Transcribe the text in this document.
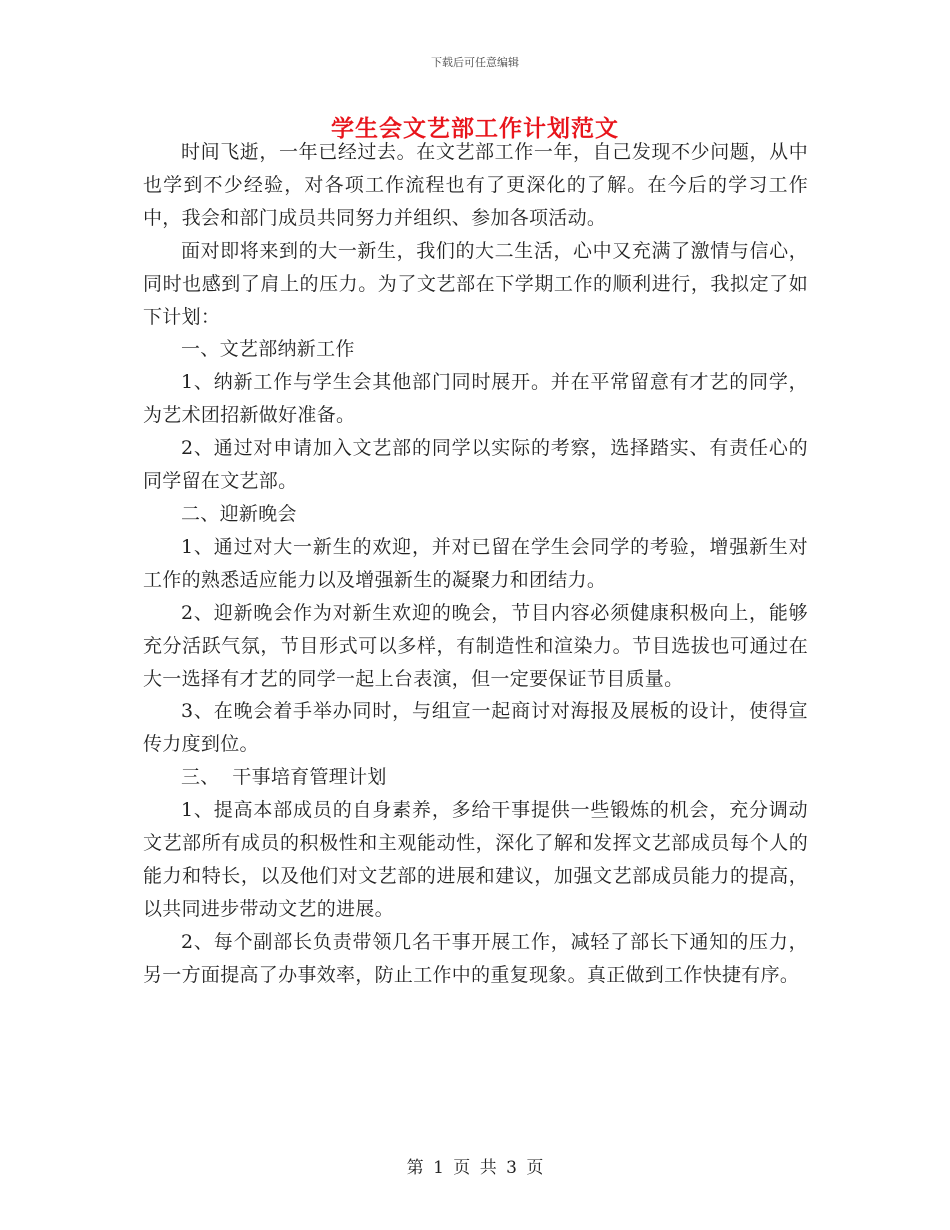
下载后可任意编辑
学生会文艺部工作计划范文

时间飞逝，一年已经过去。在文艺部工作一年，自己发现不少问题，从中也学到不少经验，对各项工作流程也有了更深化的了解。在今后的学习工作中，我会和部门成员共同努力并组织、参加各项活动。

面对即将来到的大一新生，我们的大二生活，心中又充满了激情与信心，同时也感到了肩上的压力。为了文艺部在下学期工作的顺利进行，我拟定了如下计划：

一、文艺部纳新工作

1、纳新工作与学生会其他部门同时展开。并在平常留意有才艺的同学，为艺术团招新做好准备。

2、通过对申请加入文艺部的同学以实际的考察，选择踏实、有责任心的同学留在文艺部。

二、迎新晚会

1、通过对大一新生的欢迎，并对已留在学生会同学的考验，增强新生对工作的熟悉适应能力以及增强新生的凝聚力和团结力。

2、迎新晚会作为对新生欢迎的晚会，节目内容必须健康积极向上，能够充分活跃气氛，节目形式可以多样，有制造性和渲染力。节目选拔也可通过在大一选择有才艺的同学一起上台表演，但一定要保证节目质量。

3、在晚会着手举办同时，与组宣一起商讨对海报及展板的设计，使得宣传力度到位。

三、  干事培育管理计划

1、提高本部成员的自身素养，多给干事提供一些锻炼的机会，充分调动文艺部所有成员的积极性和主观能动性，深化了解和发挥文艺部成员每个人的能力和特长，以及他们对文艺部的进展和建议，加强文艺部成员能力的提高，以共同进步带动文艺的进展。

2、每个副部长负责带领几名干事开展工作，减轻了部长下通知的压力，另一方面提高了办事效率，防止工作中的重复现象。真正做到工作快捷有序。

第 1 页 共 3 页
